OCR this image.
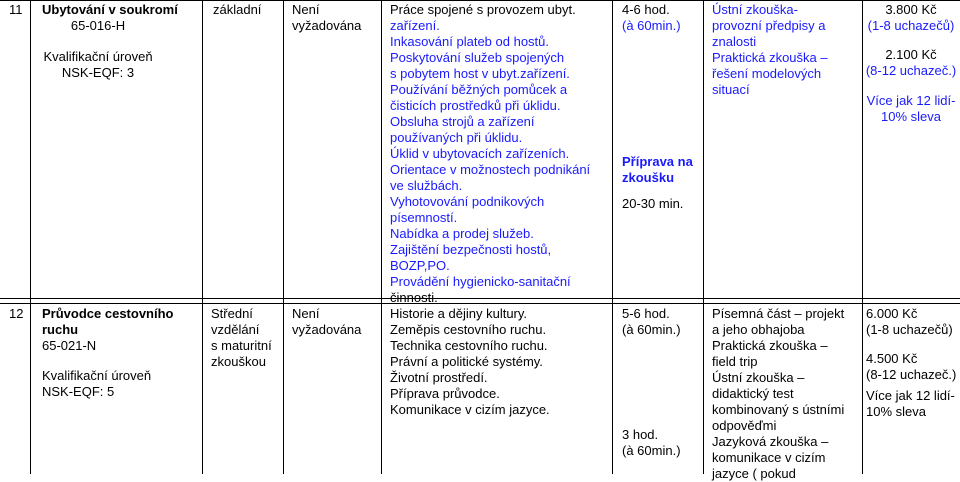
11 Ubytování v soukromí
65-016-H
Kvalifikační úroveň
NSK-EQF: 3
základní Není
vyžadována
Práce spojené s provozem ubyt.
zařízení.
Inkasování plateb od hostů.
Poskytování služeb spojených
s pobytem host v ubyt.zařízení.
Používání běžných pomůcek a
čisticích prostředků při úklidu.
Obsluha strojů a zařízení
používaných při úklidu.
Úklid v ubytovacích zařízeních.
Orientace v možnostech podnikání
ve službách.
Vyhotovování podnikových
písemností.
Nabídka a prodej služeb.
Zajištění bezpečnosti hostů,
BOZP,PO.
Provádění hygienicko-sanitační
činnosti.
4-6 hod.
(à 60min.)
Příprava na
zkoušku
20-30 min.
Ústní zkouška-
provozní předpisy a
znalosti
Praktická zkouška –
řešení modelových
situací
3.800 Kč
(1-8 uchazečů)
2.100 Kč
(8-12 uchazeč.)
Více jak 12 lidí-
10% sleva
12 Průvodce cestovního
ruchu
65-021-N
Kvalifikační úroveň
NSK-EQF: 5
Střední
vzdělání
s maturitní
zkouškou
Není
vyžadována
Historie a dějiny kultury.
Zeměpis cestovního ruchu.
Technika cestovního ruchu.
Právní a politické systémy.
Životní prostředí.
Příprava průvodce.
Komunikace v cizím jazyce.
5-6 hod.
(à 60min.)
3 hod.
(à 60min.)
Písemná část – projekt
a jeho obhajoba
Praktická zkouška –
field trip
Ústní zkouška –
didaktický test
kombinovaný s ústními
odpověďmi
Jazyková zkouška –
komunikace v cizím
jazyce ( pokud
6.000 Kč
(1-8 uchazečů)
4.500 Kč
(8-12 uchazeč.)
Více jak 12 lidí-
10% sleva
